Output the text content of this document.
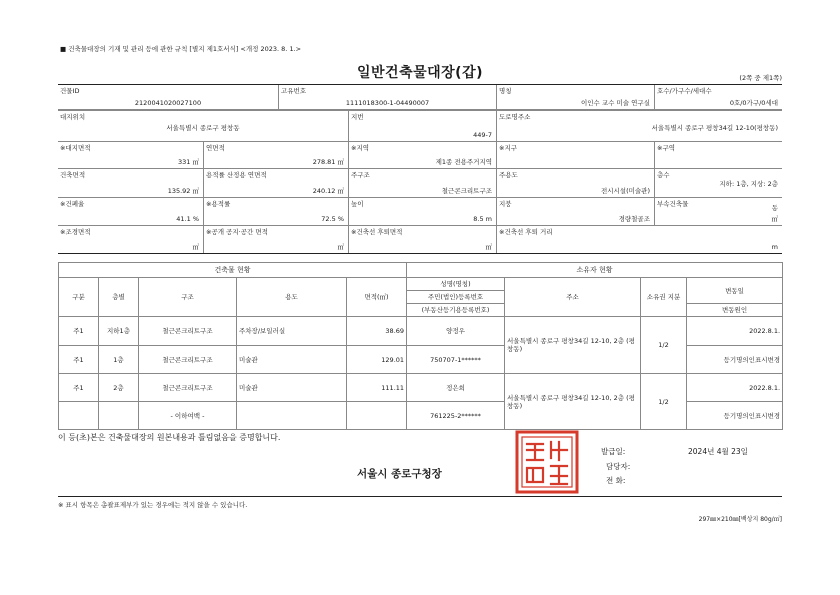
■ 건축물대장의 기재 및 관리 등에 관한 규칙 [별지 제1호서식] <개정 2023. 8. 1.>
일반건축물대장(갑)	(2쪽 중 제1쪽)
건물ID
2120041020027100
고유번호
1111018300-1-04490007
명칭
이인수 교수 미술 연구실
호수/가구수/세대수
0호/0가구/0세대
대지위치
서울특별시 종로구 평창동
지번
449-7
도로명주소
서울특별시 종로구 평창34길 12-10(평창동)
※대지면적
331 ㎡
연면적
278.81 ㎡
※지역
제1종 전용주거지역
※지구	※구역
건축면적
135.92 ㎡
용적률 산정용 연면적
240.12 ㎡
주구조
철근콘크리트구조
주용도
전시시설(미술관)
층수
지하: 1층, 지상: 2층
※건폐율
41.1 %
※용적률
72.5 %
높이
8.5 m
지붕
경량철골조
부속건축물	동
㎡
※조경면적
㎡
※공개 공지·공간 면적
㎡
※건축선 후퇴면적
㎡
※건축선 후퇴 거리
m
건축물 현황					소유자 현황			
구분	층별	구조	용도	면적(㎡)	성명(명칭)	주소	소유권 지분	변동일
					주민(법인)등록번호			
					(부동산등기용등록번호)			변동원인
주1	지하1층	철근콘크리트구조	주차장/보일러실	38.69	양정우	서울특별시 종로구 평창34길 12-10, 2층 (평창동)	1/2	2022.8.1.
주1	1층	철근콘크리트구조	미술관	129.01	750707-1******			등기명의인표시변경
주1	2층	철근콘크리트구조	미술관	111.11	정은희	서울특별시 종로구 평창34길 12-10, 2층 (평창동)	1/2	2022.8.1.
		- 이하여백 -			761225-2******			등기명의인표시변경
이 등(초)본은 건축물대장의 원본내용과 틀림없음을 증명합니다.
서울시 종로구청장
발급일:	2024년 4월 23일
담당자:
전 화:
※ 표시 항목은 총괄표제부가 있는 경우에는 적지 않을 수 있습니다.
297㎜×210㎜[백상지 80g/㎡]
